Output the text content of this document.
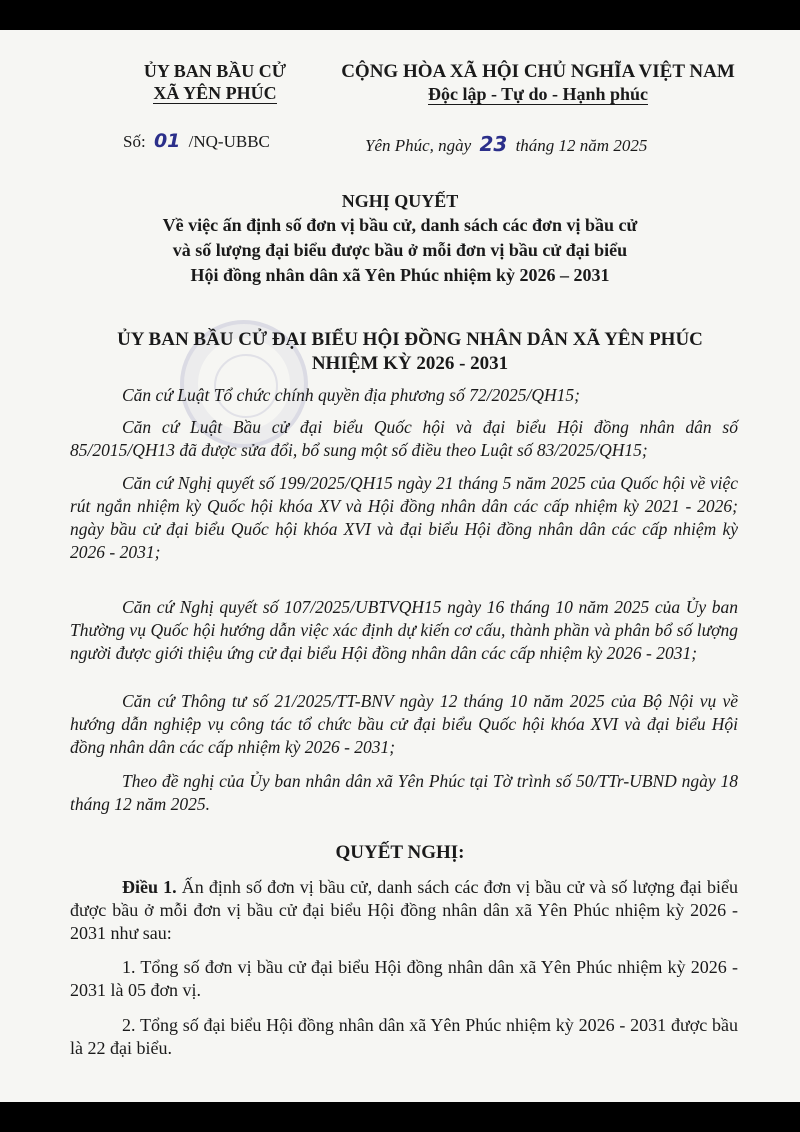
ỦY BAN BẦU CỬ
XÃ YÊN PHÚC
CỘNG HÒA XÃ HỘI CHỦ NGHĨA VIỆT NAM
Độc lập - Tự do - Hạnh phúc
Số: 01 /NQ-UBBC	Yên Phúc, ngày 23 tháng 12 năm 2025
NGHỊ QUYẾT
Về việc ấn định số đơn vị bầu cử, danh sách các đơn vị bầu cử
và số lượng đại biểu được bầu ở mỗi đơn vị bầu cử đại biểu
Hội đồng nhân dân xã Yên Phúc nhiệm kỳ 2026 – 2031
ỦY BAN BẦU CỬ ĐẠI BIỂU HỘI ĐỒNG NHÂN DÂN XÃ YÊN PHÚC
NHIỆM KỲ 2026 - 2031
Căn cứ Luật Tổ chức chính quyền địa phương số 72/2025/QH15;
Căn cứ Luật Bầu cử đại biểu Quốc hội và đại biểu Hội đồng nhân dân số 85/2015/QH13 đã được sửa đổi, bổ sung một số điều theo Luật số 83/2025/QH15;
Căn cứ Nghị quyết số 199/2025/QH15 ngày 21 tháng 5 năm 2025 của Quốc hội về việc rút ngắn nhiệm kỳ Quốc hội khóa XV và Hội đồng nhân dân các cấp nhiệm kỳ 2021 - 2026; ngày bầu cử đại biểu Quốc hội khóa XVI và đại biểu Hội đồng nhân dân các cấp nhiệm kỳ 2026 - 2031;
Căn cứ Nghị quyết số 107/2025/UBTVQH15 ngày 16 tháng 10 năm 2025 của Ủy ban Thường vụ Quốc hội hướng dẫn việc xác định dự kiến cơ cấu, thành phần và phân bổ số lượng người được giới thiệu ứng cử đại biểu Hội đồng nhân dân các cấp nhiệm kỳ 2026 - 2031;
Căn cứ Thông tư số 21/2025/TT-BNV ngày 12 tháng 10 năm 2025 của Bộ Nội vụ về hướng dẫn nghiệp vụ công tác tổ chức bầu cử đại biểu Quốc hội khóa XVI và đại biểu Hội đồng nhân dân các cấp nhiệm kỳ 2026 - 2031;
Theo đề nghị của Ủy ban nhân dân xã Yên Phúc tại Tờ trình số 50/TTr-UBND ngày 18 tháng 12 năm 2025.
QUYẾT NGHỊ:
Điều 1. Ấn định số đơn vị bầu cử, danh sách các đơn vị bầu cử và số lượng đại biểu được bầu ở mỗi đơn vị bầu cử đại biểu Hội đồng nhân dân xã Yên Phúc nhiệm kỳ 2026 - 2031 như sau:
1. Tổng số đơn vị bầu cử đại biểu Hội đồng nhân dân xã Yên Phúc nhiệm kỳ 2026 - 2031 là 05 đơn vị.
2. Tổng số đại biểu Hội đồng nhân dân xã Yên Phúc nhiệm kỳ 2026 - 2031 được bầu là 22 đại biểu.
